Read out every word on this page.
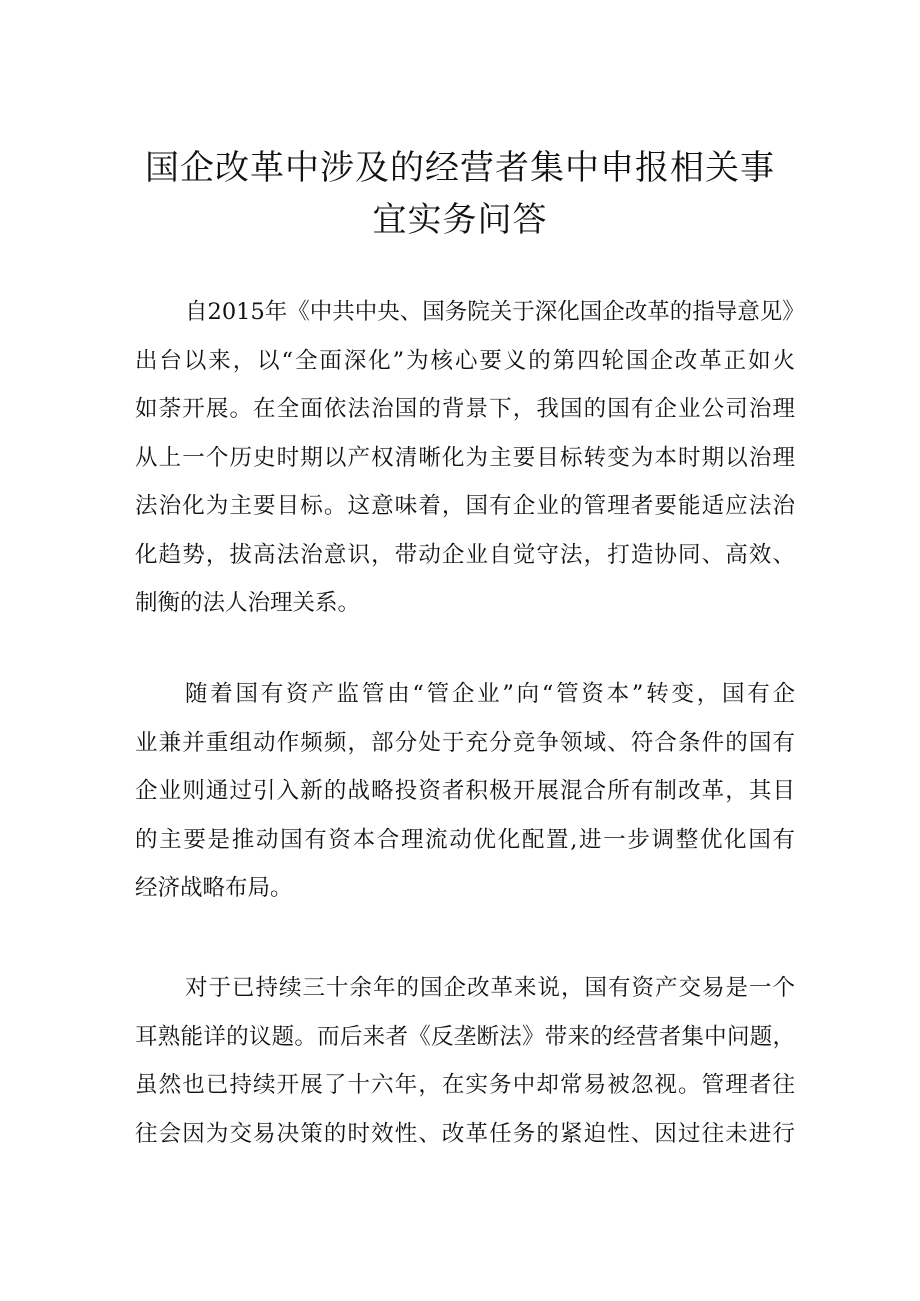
国企改革中涉及的经营者集中申报相关事
宜实务问答
自2015年《中共中央、国务院关于深化国企改革的指导意见》
出台以来，以“全面深化”为核心要义的第四轮国企改革正如火
如荼开展。在全面依法治国的背景下，我国的国有企业公司治理
从上一个历史时期以产权清晰化为主要目标转变为本时期以治理
法治化为主要目标。这意味着，国有企业的管理者要能适应法治
化趋势，拔高法治意识，带动企业自觉守法，打造协同、高效、
制衡的法人治理关系。
随着国有资产监管由“管企业”向“管资本”转变，国有企
业兼并重组动作频频，部分处于充分竞争领域、符合条件的国有
企业则通过引入新的战略投资者积极开展混合所有制改革，其目
的主要是推动国有资本合理流动优化配置,进一步调整优化国有
经济战略布局。
对于已持续三十余年的国企改革来说，国有资产交易是一个
耳熟能详的议题。而后来者《反垄断法》带来的经营者集中问题，
虽然也已持续开展了十六年，在实务中却常易被忽视。管理者往
往会因为交易决策的时效性、改革任务的紧迫性、因过往未进行
